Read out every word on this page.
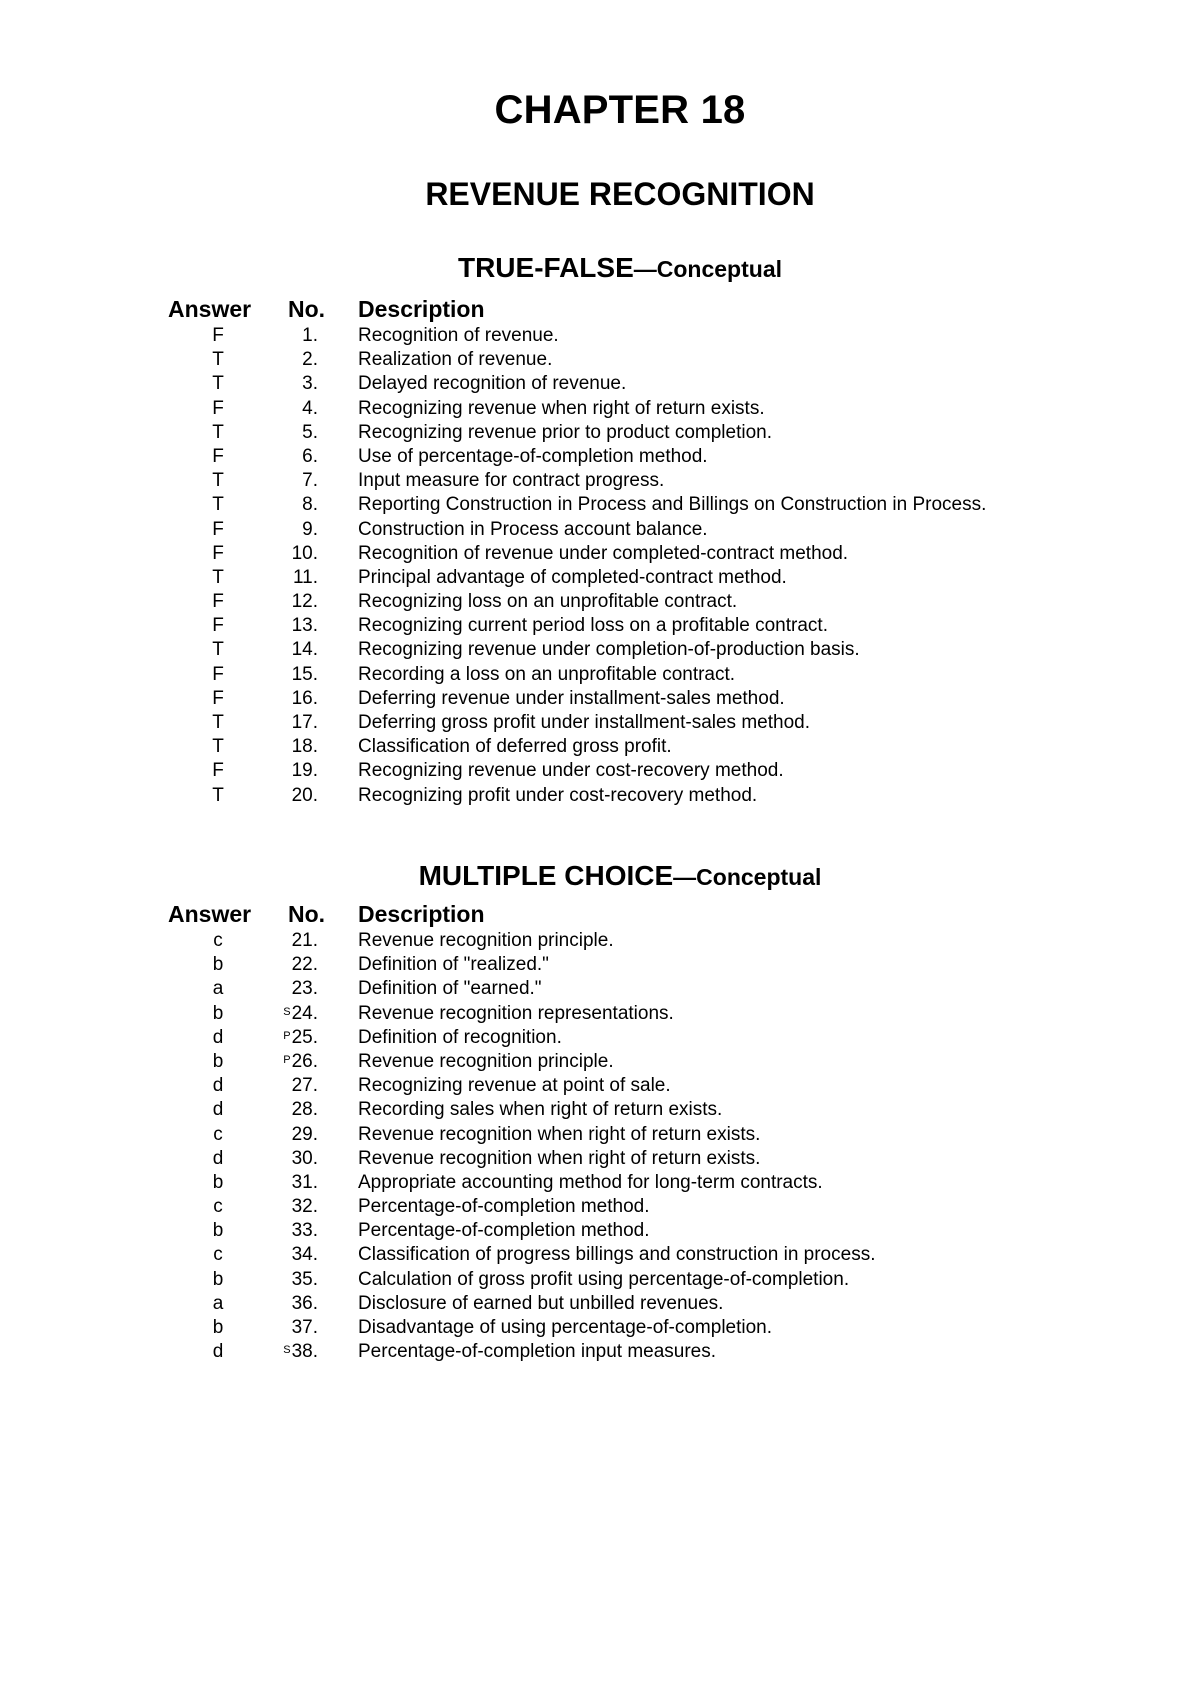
CHAPTER 18
REVENUE RECOGNITION
TRUE-FALSE—Conceptual
Answer No. Description
F	1. Recognition of revenue.
T	2. Realization of revenue.
T	3. Delayed recognition of revenue.
F	4. Recognizing revenue when right of return exists.
T	5. Recognizing revenue prior to product completion.
F	6. Use of percentage-of-completion method.
T	7. Input measure for contract progress.
T	8. Reporting Construction in Process and Billings on Construction in Process.
F	9. Construction in Process account balance.
F	10. Recognition of revenue under completed-contract method.
T	11. Principal advantage of completed-contract method.
F	12. Recognizing loss on an unprofitable contract.
F	13. Recognizing current period loss on a profitable contract.
T	14. Recognizing revenue under completion-of-production basis.
F	15. Recording a loss on an unprofitable contract.
F	16. Deferring revenue under installment-sales method.
T	17. Deferring gross profit under installment-sales method.
T	18. Classification of deferred gross profit.
F	19. Recognizing revenue under cost-recovery method.
T	20. Recognizing profit under cost-recovery method.
MULTIPLE CHOICE—Conceptual
Answer No. Description
c	21. Revenue recognition principle.
b	22. Definition of "realized."
a	23. Definition of "earned."
b	$^S$24. Revenue recognition representations.
d	$^P$25. Definition of recognition.
b	$^P$26. Revenue recognition principle.
d	27. Recognizing revenue at point of sale.
d	28. Recording sales when right of return exists.
c	29. Revenue recognition when right of return exists.
d	30. Revenue recognition when right of return exists.
b	31. Appropriate accounting method for long-term contracts.
c	32. Percentage-of-completion method.
b	33. Percentage-of-completion method.
c	34. Classification of progress billings and construction in process.
b	35. Calculation of gross profit using percentage-of-completion.
a	36. Disclosure of earned but unbilled revenues.
b	37. Disadvantage of using percentage-of-completion.
d	$^S$38. Percentage-of-completion input measures.
